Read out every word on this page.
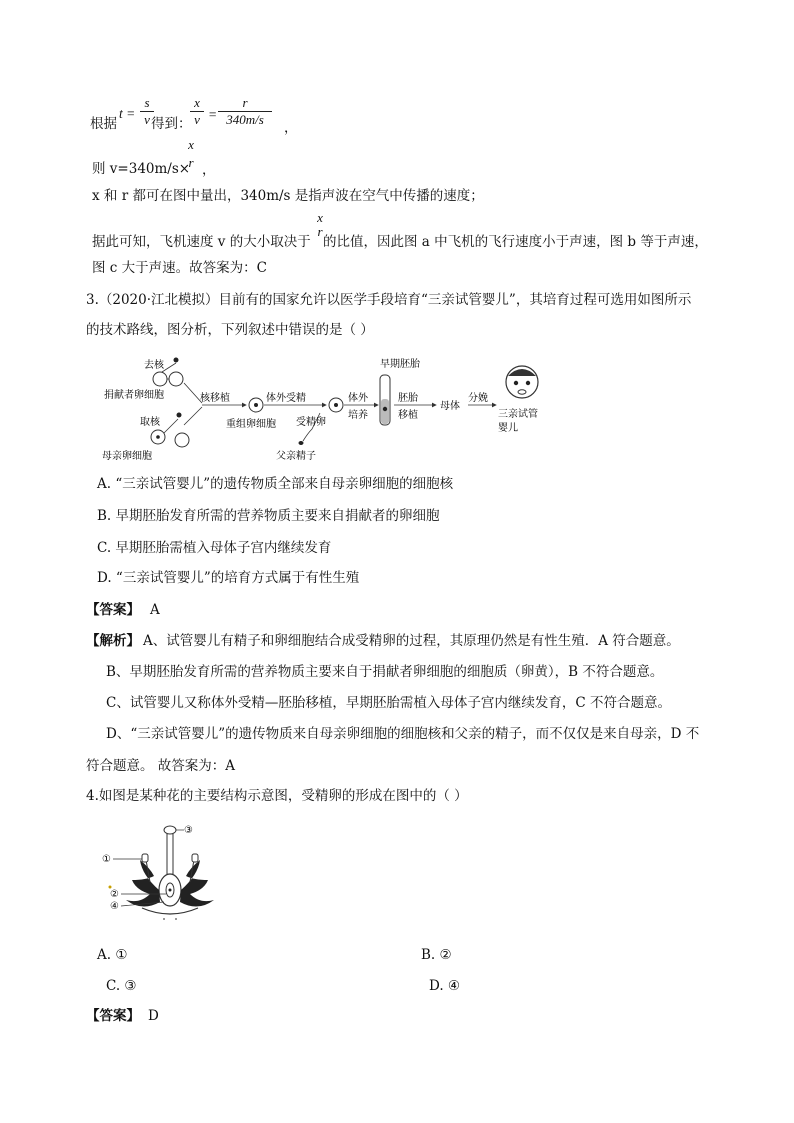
根据
t =
s
v 得到：
x
v =
r
340m/s
，
则 v=340m/s×
x
r ，
x 和 r 都可在图中量出，340m/s 是指声波在空气中传播的速度；
x
r
据此可知，飞机速度 v 的大小取决于 的比值，因此图 a 中飞机的飞行速度小于声速，图 b 等于声速，
图 c 大于声速。故答案为：C
3.（2020·江北模拟）目前有的国家允许以医学手段培育“三亲试管婴儿”，其培育过程可选用如图所示
的技术路线，图分析，下列叙述中错误的是（ ）
去核
捐献者卵细胞
取核
母亲卵细胞
核移植
重组卵细胞
体外受精
受精卵
父亲精子
体外
培养
早期胚胎
胚胎
移植
母体
分娩
三亲试管
婴儿
A. “三亲试管婴儿”的遗传物质全部来自母亲卵细胞的细胞核
B. 早期胚胎发育所需的营养物质主要来自捐献者的卵细胞
C. 早期胚胎需植入母体子宫内继续发育
D. “三亲试管婴儿”的培育方式属于有性生殖
【答案】 A
【解析】 A、试管婴儿有精子和卵细胞结合成受精卵的过程，其原理仍然是有性生殖．A 符合题意。
B、早期胚胎发育所需的营养物质主要来自于捐献者卵细胞的细胞质（卵黄），B 不符合题意。
C、试管婴儿又称体外受精—胚胎移植，早期胚胎需植入母体子宫内继续发育，C 不符合题意。
D、“三亲试管婴儿”的遗传物质来自母亲卵细胞的细胞核和父亲的精子，而不仅仅是来自母亲，D 不
符合题意。 故答案为：A
4.如图是某种花的主要结构示意图，受精卵的形成在图中的（ ）
③
①
②
④
A. ①	B. ②
C. ③	D. ④
【答案】 D
